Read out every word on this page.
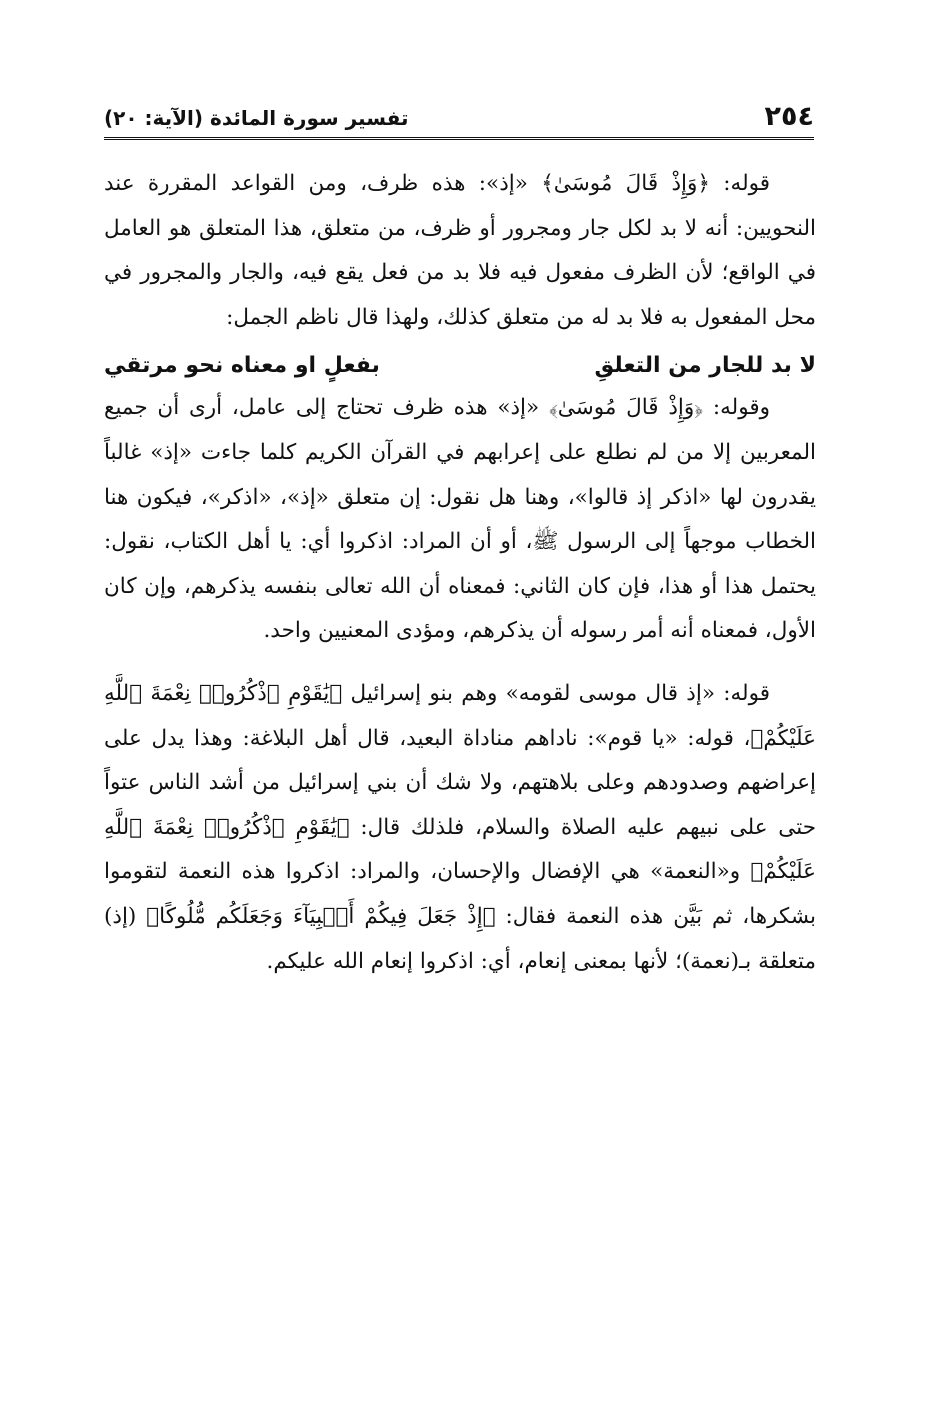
٢٥٤
تفسير سورة المائدة (الآية: ٢٠)

قوله: ﴿وَإِذْ قَالَ مُوسَىٰ﴾ «إذ»: هذه ظرف، ومن القواعد المقررة عند النحويين: أنه لا بد لكل جار ومجرور أو ظرف، من متعلق، هذا المتعلق هو العامل في الواقع؛ لأن الظرف مفعول فيه فلا بد من فعل يقع فيه، والجار والمجرور في محل المفعول به فلا بد له من متعلق كذلك، ولهذا قال ناظم الجمل:

لا بد للجار من التعلقِ
بفعلٍ او معناه نحو مرتقي

وقوله: ﴿وَإِذْ قَالَ مُوسَىٰ﴾ «إذ» هذه ظرف تحتاج إلى عامل، أرى أن جميع المعربين إلا من لم نطلع على إعرابهم في القرآن الكريم كلما جاءت «إذ» غالباً يقدرون لها «اذكر إذ قالوا»، وهنا هل نقول: إن متعلق «إذ»، «اذكر»، فيكون هنا الخطاب موجهاً إلى الرسول ﷺ، أو أن المراد: اذكروا أي: يا أهل الكتاب، نقول: يحتمل هذا أو هذا، فإن كان الثاني: فمعناه أن الله تعالى بنفسه يذكرهم، وإن كان الأول، فمعناه أنه أمر رسوله أن يذكرهم، ومؤدى المعنيين واحد.

قوله: «إذ قال موسى لقومه» وهم بنو إسرائيل ﴿يَٰقَوْمِ ٱذْكُرُوا۟ نِعْمَةَ ٱللَّهِ عَلَيْكُمْ﴾، قوله: «يا قوم»: ناداهم مناداة البعيد، قال أهل البلاغة: وهذا يدل على إعراضهم وصدودهم وعلى بلاهتهم، ولا شك أن بني إسرائيل من أشد الناس عتواً حتى على نبيهم عليه الصلاة والسلام، فلذلك قال: ﴿يَٰقَوْمِ ٱذْكُرُوا۟ نِعْمَةَ ٱللَّهِ عَلَيْكُمْ﴾ و«النعمة» هي الإفضال والإحسان، والمراد: اذكروا هذه النعمة لتقوموا بشكرها، ثم بَيَّن هذه النعمة فقال: ﴿إِذْ جَعَلَ فِيكُمْ أَنۢبِيَآءَ وَجَعَلَكُم مُّلُوكًا﴾ (إذ) متعلقة بـ(نعمة)؛ لأنها بمعنى إنعام، أي: اذكروا إنعام الله عليكم.
